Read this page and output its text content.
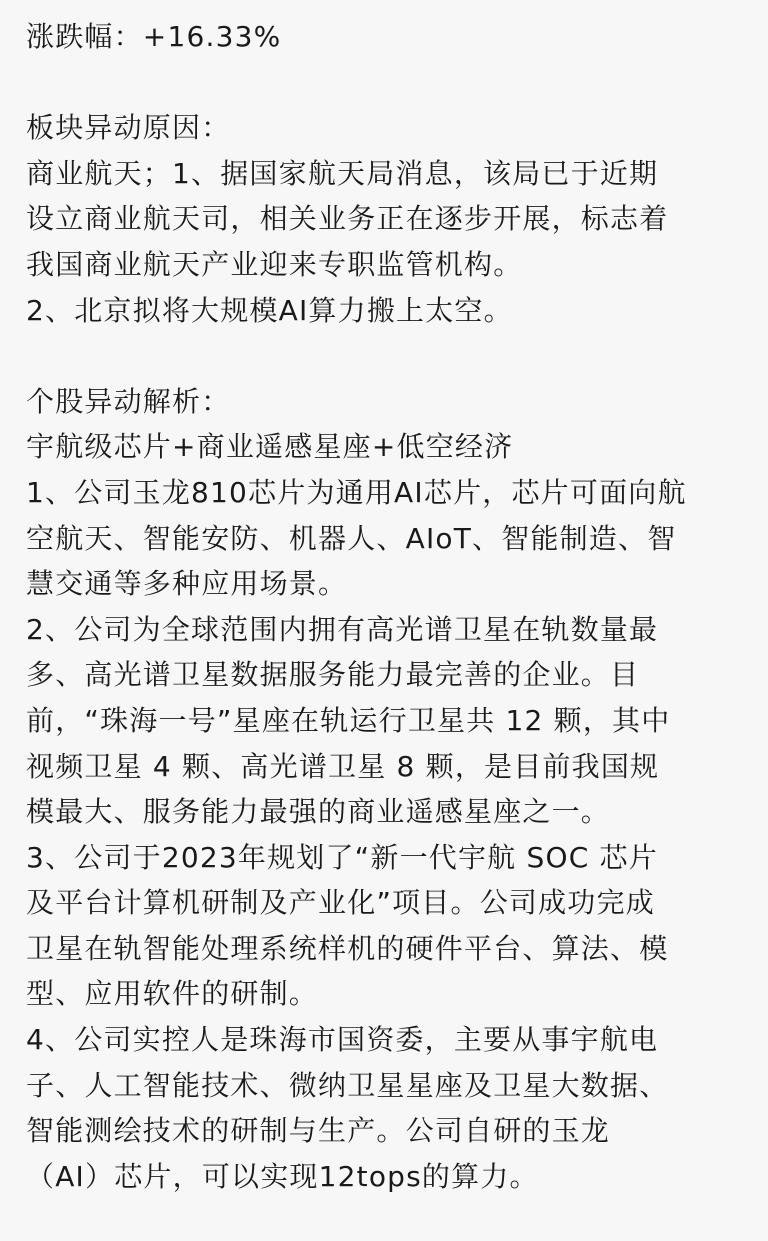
涨跌幅：+16.33%
板块异动原因：
商业航天；1、据国家航天局消息，该局已于近期
设立商业航天司，相关业务正在逐步开展，标志着
我国商业航天产业迎来专职监管机构。
2、北京拟将大规模AI算力搬上太空。
个股异动解析：
宇航级芯片+商业遥感星座+低空经济
1、公司玉龙810芯片为通用AI芯片，芯片可面向航
空航天、智能安防、机器人、AIoT、智能制造、智
慧交通等多种应用场景。
2、公司为全球范围内拥有高光谱卫星在轨数量最
多、高光谱卫星数据服务能力最完善的企业。目
前，“珠海一号”星座在轨运行卫星共 12 颗，其中
视频卫星 4 颗、高光谱卫星 8 颗，是目前我国规
模最大、服务能力最强的商业遥感星座之一。
3、公司于2023年规划了“新一代宇航 SOC 芯片
及平台计算机研制及产业化”项目。公司成功完成
卫星在轨智能处理系统样机的硬件平台、算法、模
型、应用软件的研制。
4、公司实控人是珠海市国资委，主要从事宇航电
子、人工智能技术、微纳卫星星座及卫星大数据、
智能测绘技术的研制与生产。公司自研的玉龙
（AI）芯片，可以实现12tops的算力。
